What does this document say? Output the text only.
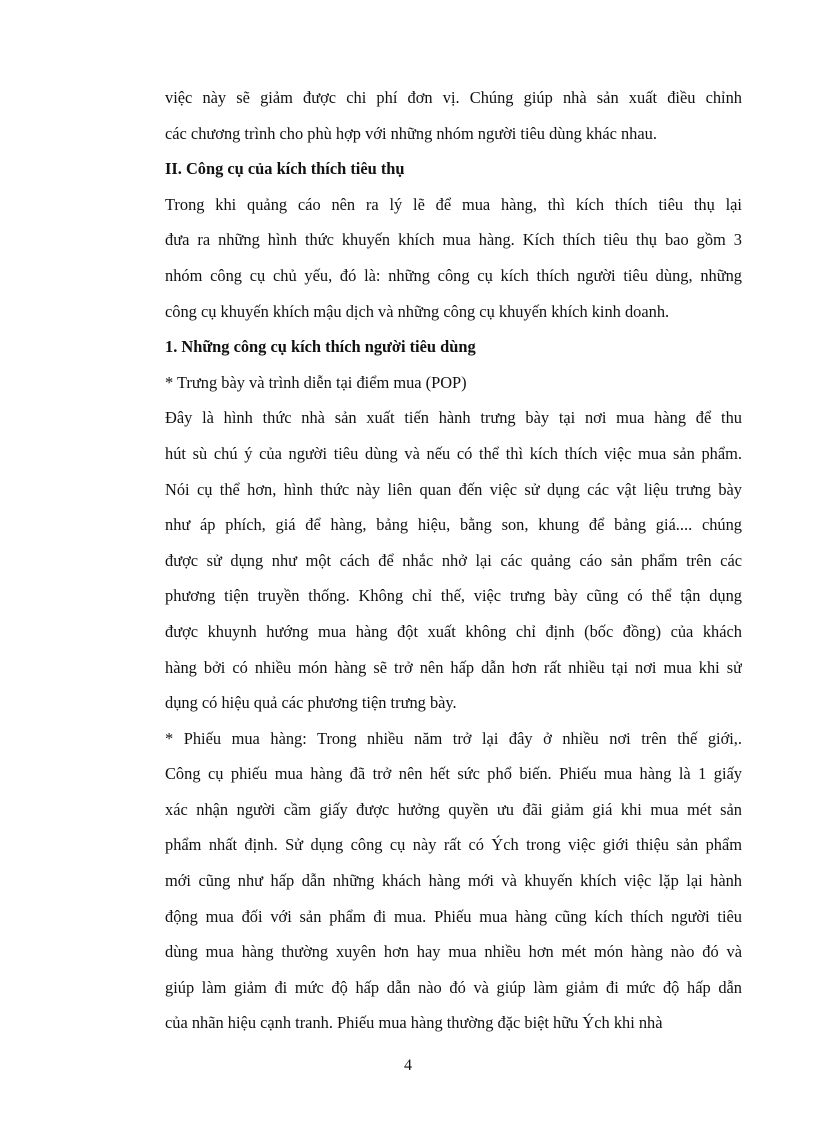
việc này sẽ giảm được chi phí đơn vị. Chúng giúp nhà sản xuất điều chỉnh
các chương trình cho phù hợp với những nhóm người tiêu dùng khác nhau.
II. Công cụ của kích thích tiêu thụ
Trong khi quảng cáo nên ra lý lẽ để mua hàng, thì kích thích tiêu thụ lại
đưa ra những hình thức khuyến khích mua hàng. Kích thích tiêu thụ bao gồm 3
nhóm công cụ chủ yếu, đó là: những công cụ kích thích người tiêu dùng, những
công cụ khuyến khích mậu dịch và những công cụ khuyến khích kinh doanh.
1. Những công cụ kích thích người tiêu dùng
* Trưng bày và trình diễn tại điểm mua (POP)
Đây là hình thức nhà sản xuất tiến hành trưng bày tại nơi mua hàng để thu
hút sù chú ý của người tiêu dùng và nếu có thể thì kích thích việc mua sản phẩm.
Nói cụ thể hơn, hình thức này liên quan đến việc sử dụng các vật liệu trưng bày
như áp phích, giá để hàng, bảng hiệu, bằng son, khung để bảng giá.... chúng
được sử dụng như một cách để nhắc nhở lại các quảng cáo sản phẩm trên các
phương tiện truyền thống. Không chỉ thế, việc trưng bày cũng có thể tận dụng
được khuynh hướng mua hàng đột xuất không chỉ định (bốc đồng) của khách
hàng bởi có nhiều món hàng sẽ trở nên hấp dẫn hơn rất nhiều tại nơi mua khi sử
dụng có hiệu quả các phương tiện trưng bày.
* Phiếu mua hàng: Trong nhiều năm trở lại đây ở nhiều nơi trên thế giới,.
Công cụ phiếu mua hàng đã trở nên hết sức phổ biến. Phiếu mua hàng là 1 giấy
xác nhận người cầm giấy được hưởng quyền ưu đãi giảm giá khi mua mét sản
phẩm nhất định. Sử dụng công cụ này rất có Ých trong việc giới thiệu sản phẩm
mới cũng như hấp dẫn những khách hàng mới và khuyến khích việc lặp lại hành
động mua đối với sản phẩm đi mua. Phiếu mua hàng cũng kích thích người tiêu
dùng mua hàng thường xuyên hơn hay mua nhiều hơn mét món hàng nào đó và
giúp làm giảm đi mức độ hấp dẫn nào đó và giúp làm giảm đi mức độ hấp dẫn
của nhãn hiệu cạnh tranh. Phiếu mua hàng thường đặc biệt hữu Ých khi nhà
4
